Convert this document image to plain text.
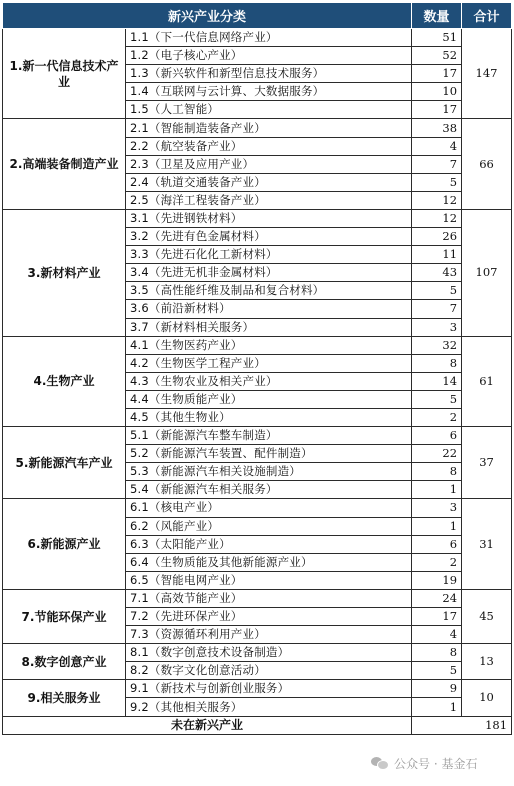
新兴产业分类		数量	合计
1.新一代信息技术产业	1.1（下一代信息网络产业）	51	147
	1.2（电子核心产业）	52	
	1.3（新兴软件和新型信息技术服务）	17	
	1.4（互联网与云计算、大数据服务）	10	
	1.5（人工智能）	17	
2.高端装备制造产业	2.1（智能制造装备产业）	38	66
	2.2（航空装备产业）	4	
	2.3（卫星及应用产业）	7	
	2.4（轨道交通装备产业）	5	
	2.5（海洋工程装备产业）	12	
3.新材料产业	3.1（先进钢铁材料）	12	107
	3.2（先进有色金属材料）	26	
	3.3（先进石化化工新材料）	11	
	3.4（先进无机非金属材料）	43	
	3.5（高性能纤维及制品和复合材料）	5	
	3.6（前沿新材料）	7	
	3.7（新材料相关服务）	3	
4.生物产业	4.1（生物医药产业）	32	61
	4.2（生物医学工程产业）	8	
	4.3（生物农业及相关产业）	14	
	4.4（生物质能产业）	5	
	4.5（其他生物业）	2	
5.新能源汽车产业	5.1（新能源汽车整车制造）	6	37
	5.2（新能源汽车装置、配件制造）	22	
	5.3（新能源汽车相关设施制造）	8	
	5.4（新能源汽车相关服务）	1	
6.新能源产业	6.1（核电产业）	3	31
	6.2（风能产业）	1	
	6.3（太阳能产业）	6	
	6.4（生物质能及其他新能源产业）	2	
	6.5（智能电网产业）	19	
7.节能环保产业	7.1（高效节能产业）	24	45
	7.2（先进环保产业）	17	
	7.3（资源循环利用产业）	4	
8.数字创意产业	8.1（数字创意技术设备制造）	8	13
	8.2（数字文化创意活动）	5	
9.相关服务业	9.1（新技术与创新创业服务）	9	10
	9.2（其他相关服务）	1	
未在新兴产业		181	
公众号 · 基金石
